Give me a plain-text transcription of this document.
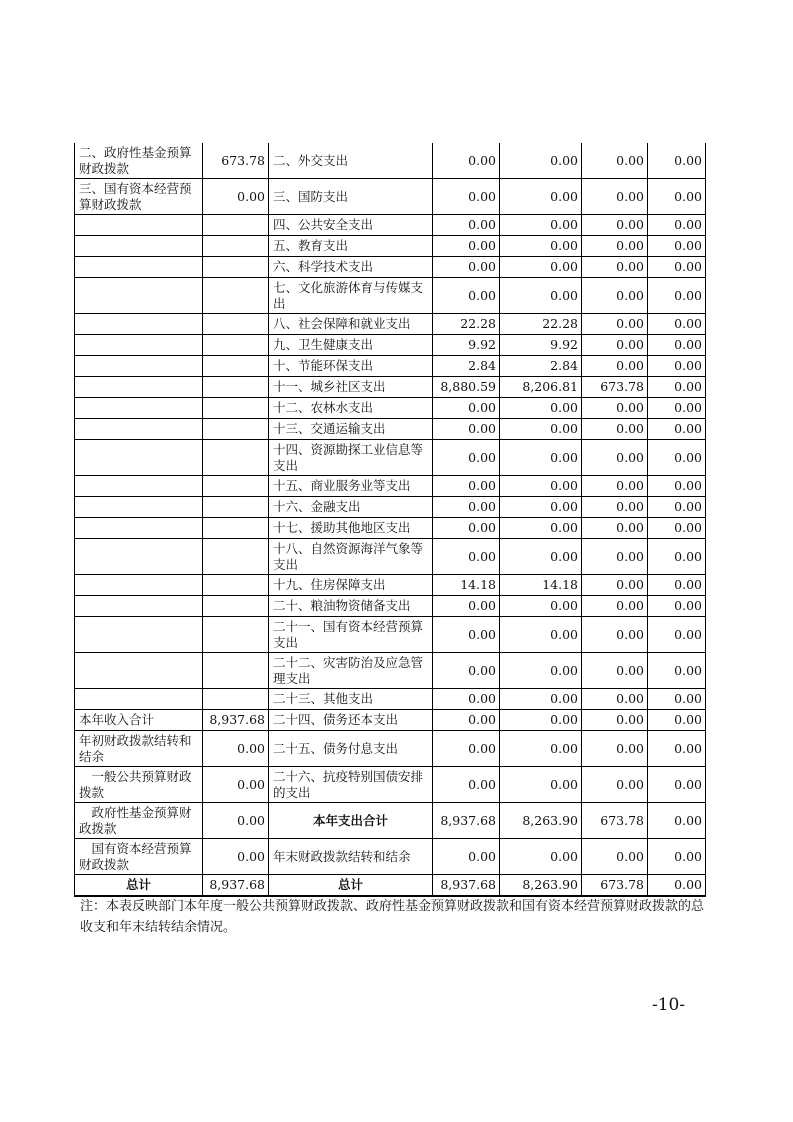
二、政府性基金预算财政拨款	673.78	二、外交支出	0.00	0.00	0.00	0.00
三、国有资本经营预算财政拨款	0.00	三、国防支出	0.00	0.00	0.00	0.00
		四、公共安全支出	0.00	0.00	0.00	0.00
		五、教育支出	0.00	0.00	0.00	0.00
		六、科学技术支出	0.00	0.00	0.00	0.00
		七、文化旅游体育与传媒支出	0.00	0.00	0.00	0.00
		八、社会保障和就业支出	22.28	22.28	0.00	0.00
		九、卫生健康支出	9.92	9.92	0.00	0.00
		十、节能环保支出	2.84	2.84	0.00	0.00
		十一、城乡社区支出	8,880.59	8,206.81	673.78	0.00
		十二、农林水支出	0.00	0.00	0.00	0.00
		十三、交通运输支出	0.00	0.00	0.00	0.00
		十四、资源勘探工业信息等支出	0.00	0.00	0.00	0.00
		十五、商业服务业等支出	0.00	0.00	0.00	0.00
		十六、金融支出	0.00	0.00	0.00	0.00
		十七、援助其他地区支出	0.00	0.00	0.00	0.00
		十八、自然资源海洋气象等支出	0.00	0.00	0.00	0.00
		十九、住房保障支出	14.18	14.18	0.00	0.00
		二十、粮油物资储备支出	0.00	0.00	0.00	0.00
		二十一、国有资本经营预算支出	0.00	0.00	0.00	0.00
		二十二、灾害防治及应急管理支出	0.00	0.00	0.00	0.00
		二十三、其他支出	0.00	0.00	0.00	0.00
本年收入合计	8,937.68	二十四、债务还本支出	0.00	0.00	0.00	0.00
年初财政拨款结转和结余	0.00	二十五、债务付息支出	0.00	0.00	0.00	0.00
一般公共预算财政拨款	0.00	二十六、抗疫特别国债安排的支出	0.00	0.00	0.00	0.00
政府性基金预算财政拨款	0.00	本年支出合计	8,937.68	8,263.90	673.78	0.00
国有资本经营预算财政拨款	0.00	年末财政拨款结转和结余	0.00	0.00	0.00	0.00
总计	8,937.68	总计	8,937.68	8,263.90	673.78	0.00
注：本表反映部门本年度一般公共预算财政拨款、政府性基金预算财政拨款和国有资本经营预算财政拨款的总收支和年末结转结余情况。
-10-
